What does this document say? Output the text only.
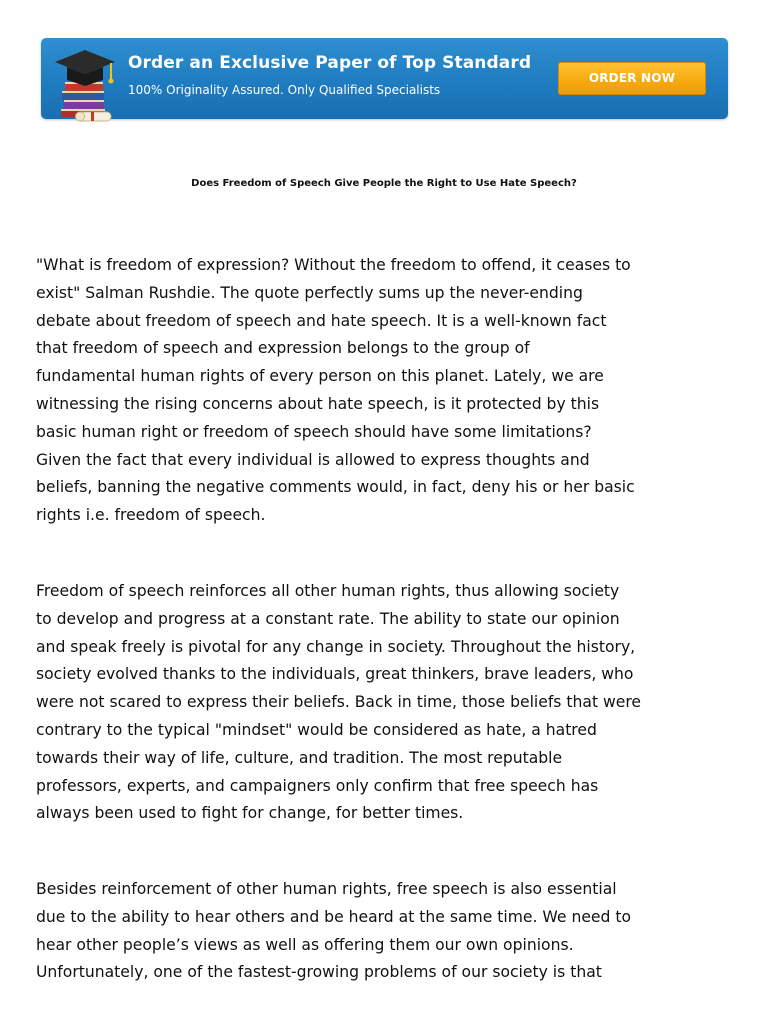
Order an Exclusive Paper of Top Standard
100% Originality Assured. Only Qualified Specialists
ORDER NOW
Does Freedom of Speech Give People the Right to Use Hate Speech?
"What is freedom of expression? Without the freedom to offend, it ceases to
exist" Salman Rushdie. The quote perfectly sums up the never-ending
debate about freedom of speech and hate speech. It is a well-known fact
that freedom of speech and expression belongs to the group of
fundamental human rights of every person on this planet. Lately, we are
witnessing the rising concerns about hate speech, is it protected by this
basic human right or freedom of speech should have some limitations?
Given the fact that every individual is allowed to express thoughts and
beliefs, banning the negative comments would, in fact, deny his or her basic
rights i.e. freedom of speech.
Freedom of speech reinforces all other human rights, thus allowing society
to develop and progress at a constant rate. The ability to state our opinion
and speak freely is pivotal for any change in society. Throughout the history,
society evolved thanks to the individuals, great thinkers, brave leaders, who
were not scared to express their beliefs. Back in time, those beliefs that were
contrary to the typical "mindset" would be considered as hate, a hatred
towards their way of life, culture, and tradition. The most reputable
professors, experts, and campaigners only confirm that free speech has
always been used to fight for change, for better times.
Besides reinforcement of other human rights, free speech is also essential
due to the ability to hear others and be heard at the same time. We need to
hear other people’s views as well as offering them our own opinions.
Unfortunately, one of the fastest-growing problems of our society is that
